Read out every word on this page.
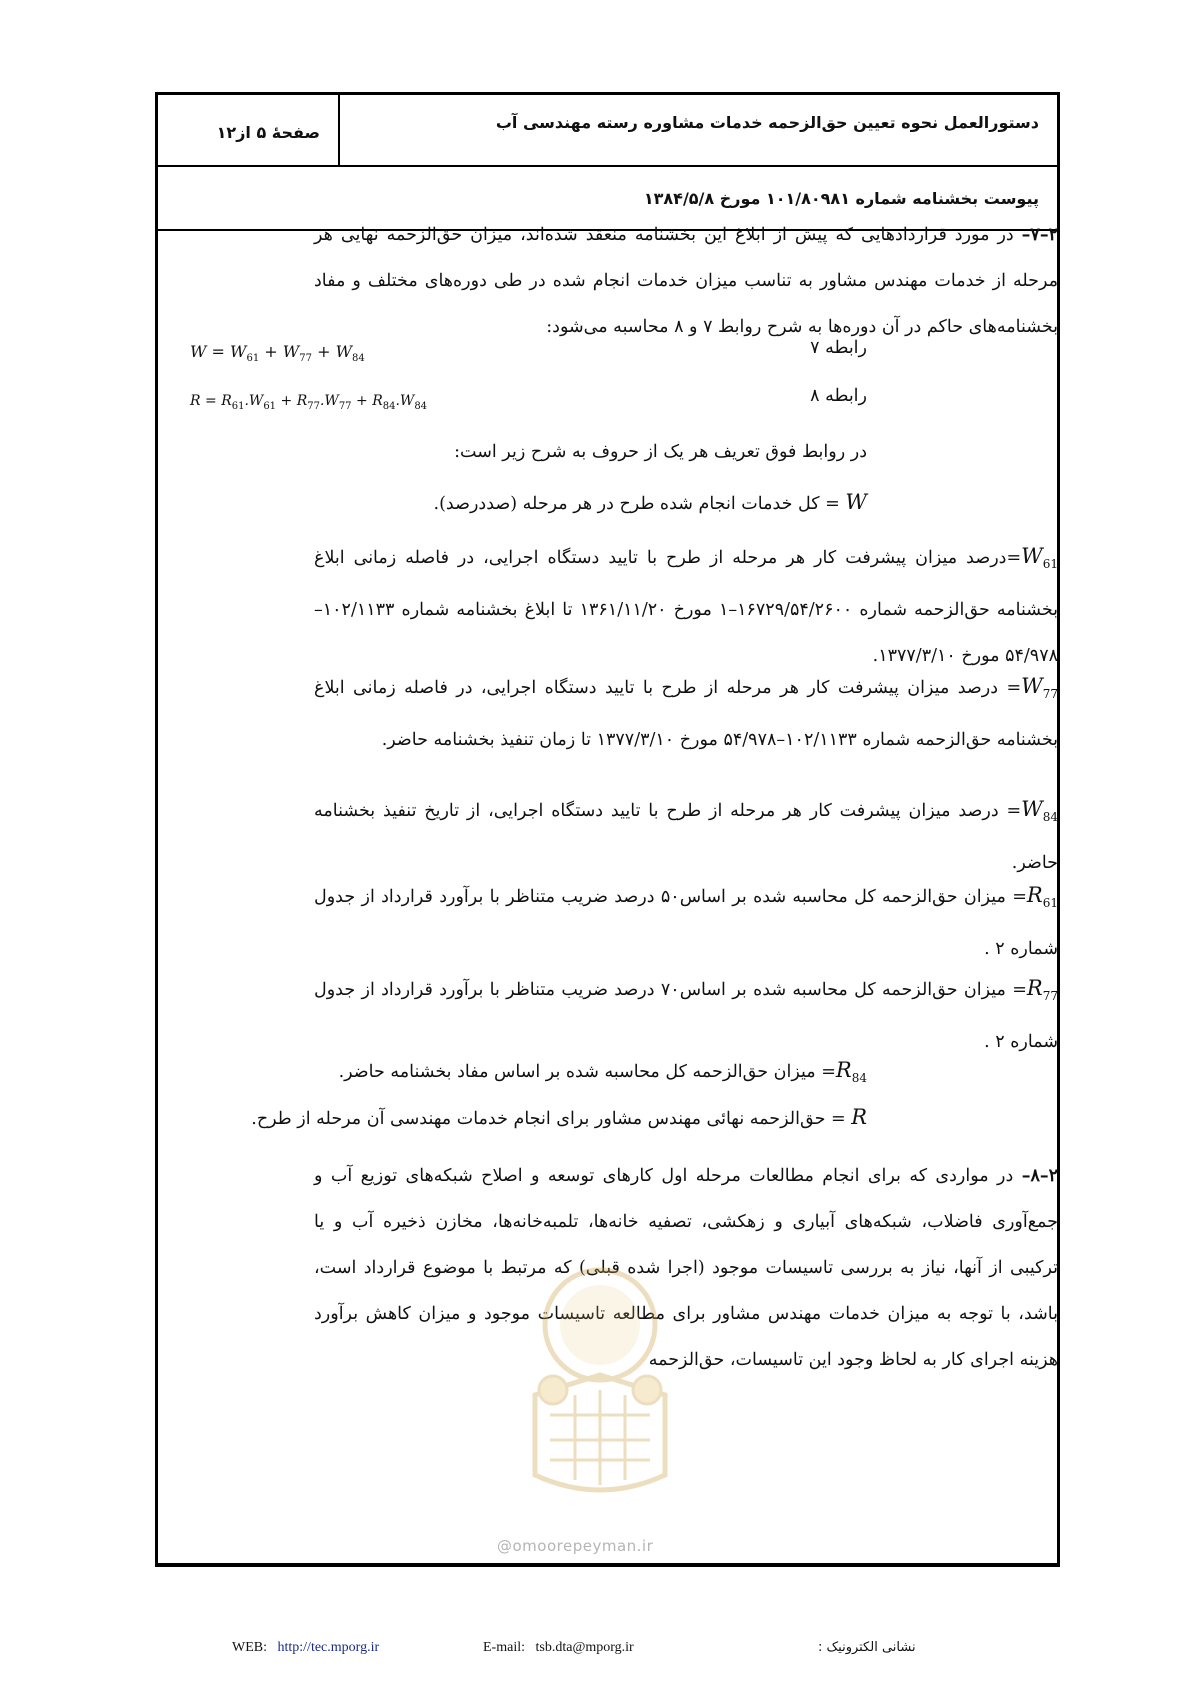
دستورالعمل نحوه تعیین حق‌الزحمه خدمات مشاوره رسته مهندسی آب
صفحهٔ ۵ از۱۲
پیوست بخشنامه شماره ۱۰۱/۸۰۹۸۱ مورخ ۱۳۸۴/۵/۸
۲–۷– در مورد قراردادهایی که پیش از ابلاغ این بخشنامه منعقد شده‌اند، میزان حق‌الزحمه نهایی هر مرحله از خدمات مهندس مشاور به تناسب میزان خدمات انجام شده در طی دوره‌های مختلف و مفاد بخشنامه‌های حاکم در آن دوره‌ها به شرح روابط ۷ و ۸ محاسبه می‌شود:
رابطه ۷
$W = W_{61} + W_{77} + W_{84}$
رابطه ۸
$R = R_{61}.W_{61} + R_{77}.W_{77} + R_{84}.W_{84}$
در روابط فوق تعریف هر یک از حروف به شرح زیر است:
W = کل خدمات انجام شده طرح در هر مرحله (صددرصد).
$W_{61}=درصد$ میزان پیشرفت کار هر مرحله از طرح با تایید دستگاه اجرایی، در فاصله زمانی ابلاغ بخشنامه حق‌الزحمه شماره ۱۶۷۲۹/۵۴/۲۶۰۰–۱ مورخ ۱۳۶۱/۱۱/۲۰ تا ابلاغ بخشنامه شماره ۱۰۲/۱۱۳۳–۵۴/۹۷۸ مورخ ۱۳۷۷/۳/۱۰.
$W_{77}=$ درصد میزان پیشرفت کار هر مرحله از طرح با تایید دستگاه اجرایی، در فاصله زمانی ابلاغ بخشنامه حق‌الزحمه شماره ۱۰۲/۱۱۳۳–۵۴/۹۷۸ مورخ ۱۳۷۷/۳/۱۰ تا زمان تنفیذ بخشنامه حاضر.
$W_{84}=$ درصد میزان پیشرفت کار هر مرحله از طرح با تایید دستگاه اجرایی، از تاریخ تنفیذ بخشنامه حاضر.
$R_{61}=$ میزان حق‌الزحمه کل محاسبه شده بر اساس۵۰ درصد ضریب متناظر با برآورد قرارداد از جدول شماره ۲ .
$R_{77}=$ میزان حق‌الزحمه کل محاسبه شده بر اساس۷۰ درصد ضریب متناظر با برآورد قرارداد از جدول شماره ۲ .
$R_{84}=$ میزان حق‌الزحمه کل محاسبه شده بر اساس مفاد بخشنامه حاضر.
R = حق‌الزحمه نهائی مهندس مشاور برای انجام خدمات مهندسی آن مرحله از طرح.
۲–۸– در مواردی که برای انجام مطالعات مرحله اول کارهای توسعه و اصلاح شبکه‌های توزیع آب و جمع‌آوری فاضلاب، شبکه‌های آبیاری و زهکشی، تصفیه خانه‌ها، تلمبه‌خانه‌ها، مخازن ذخیره آب و یا ترکیبی از آنها، نیاز به بررسی تاسیسات موجود (اجرا شده قبلی) که مرتبط با موضوع قرارداد است، باشد، با توجه به میزان خدمات مهندس مشاور برای مطالعه تاسیسات موجود و میزان کاهش برآورد هزینه اجرای کار به لحاظ وجود این تاسیسات، حق‌الزحمه
@omoorepeyman.ir
WEB: http://tec.mporg.ir	E-mail: tsb.dta@mporg.ir	نشانی الکترونیک :
